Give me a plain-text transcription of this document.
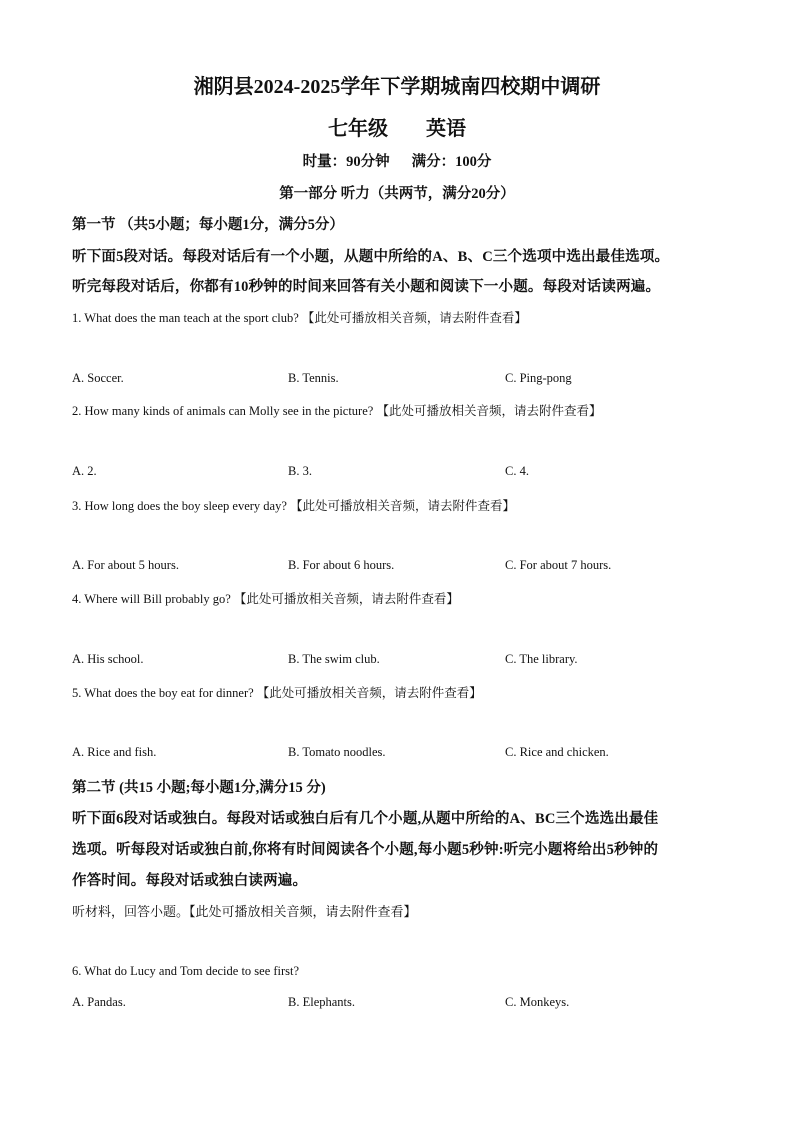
湘阴县2024-2025学年下学期城南四校期中调研
七年级 英语
时量：90分钟 满分：100分
第一部分 听力（共两节，满分20分）
第一节 （共5小题；每小题1分，满分5分）
听下面5段对话。每段对话后有一个小题，从题中所给的A、B、C三个选项中选出最佳选项。
听完每段对话后，你都有10秒钟的时间来回答有关小题和阅读下一小题。每段对话读两遍。
1. What does the man teach at the sport club? 【此处可播放相关音频，请去附件查看】
A. Soccer.	B. Tennis.	C. Ping-pong
2. How many kinds of animals can Molly see in the picture? 【此处可播放相关音频，请去附件查看】
A. 2.	B. 3.	C. 4.
3. How long does the boy sleep every day? 【此处可播放相关音频，请去附件查看】
A. For about 5 hours.	B. For about 6 hours.	C. For about 7 hours.
4. Where will Bill probably go? 【此处可播放相关音频，请去附件查看】
A. His school.	B. The swim club.	C. The library.
5. What does the boy eat for dinner? 【此处可播放相关音频，请去附件查看】
A. Rice and fish.	B. Tomato noodles.	C. Rice and chicken.
第二节 (共15 小题;每小题1分,满分15 分)
听下面6段对话或独白。每段对话或独白后有几个小题,从题中所给的A、BC三个选选出最佳
选项。听每段对话或独白前,你将有时间阅读各个小题,每小题5秒钟:听完小题将给出5秒钟的
作答时间。每段对话或独白读两遍。
听材料，回答小题。【此处可播放相关音频，请去附件查看】
6. What do Lucy and Tom decide to see first?
A. Pandas.	B. Elephants.	C. Monkeys.
